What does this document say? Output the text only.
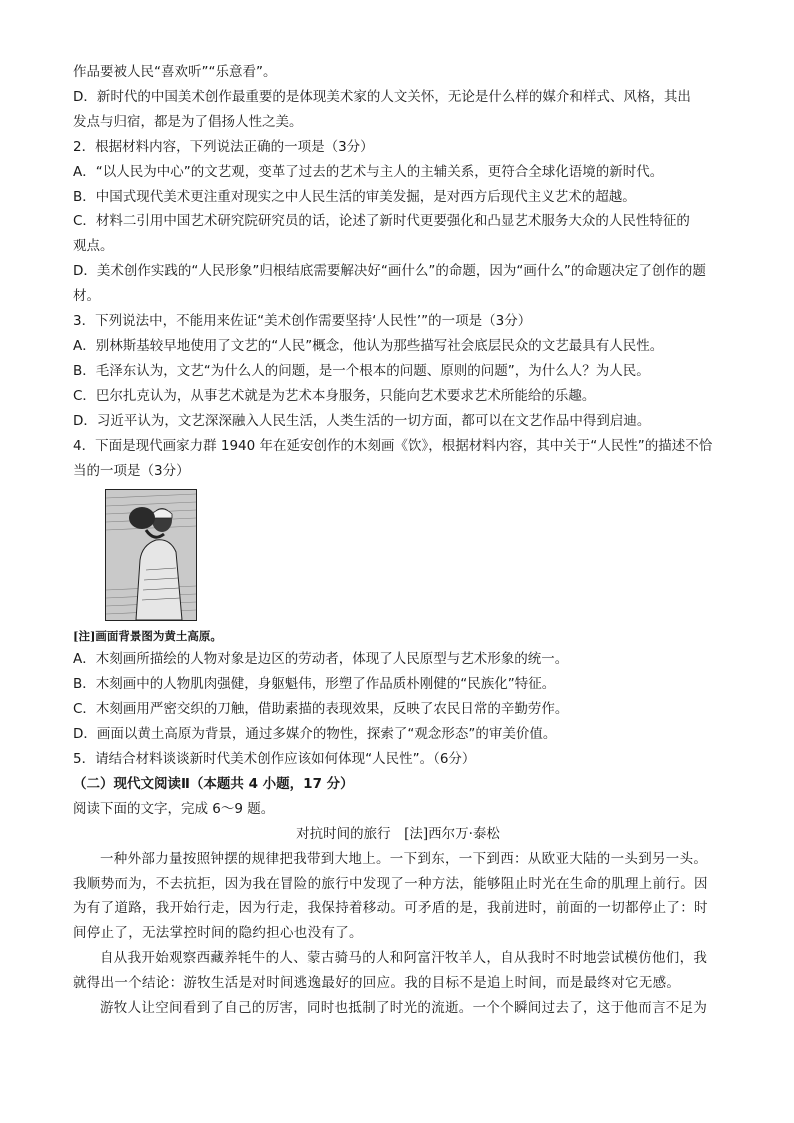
作品要被人民“喜欢听”“乐意看”。
D．新时代的中国美术创作最重要的是体现美术家的人文关怀，无论是什么样的媒介和样式、风格，其出
发点与归宿，都是为了倡扬人性之美。
2．根据材料内容，下列说法正确的一项是（3分）
A．“以人民为中心”的文艺观，变革了过去的艺术与主人的主辅关系，更符合全球化语境的新时代。
B．中国式现代美术更注重对现实之中人民生活的审美发掘，是对西方后现代主义艺术的超越。
C．材料二引用中国艺术研究院研究员的话，论述了新时代更要强化和凸显艺术服务大众的人民性特征的
观点。
D．美术创作实践的“人民形象”归根结底需要解决好“画什么”的命题，因为“画什么”的命题决定了创作的题
材。
3．下列说法中，不能用来佐证“美术创作需要坚持‘人民性’”的一项是（3分）
A．别林斯基较早地使用了文艺的“人民”概念，他认为那些描写社会底层民众的文艺最具有人民性。
B．毛泽东认为，文艺“为什么人的问题，是一个根本的问题、原则的问题”，为什么人？为人民。
C．巴尔扎克认为，从事艺术就是为艺术本身服务，只能向艺术要求艺术所能给的乐趣。
D．习近平认为，文艺深深融入人民生活，人类生活的一切方面，都可以在文艺作品中得到启迪。
4．下面是现代画家力群 1940 年在延安创作的木刻画《饮》，根据材料内容，其中关于“人民性”的描述不恰
当的一项是（3分）
[注]画面背景图为黄土高原。
A．木刻画所描绘的人物对象是边区的劳动者，体现了人民原型与艺术形象的统一。
B．木刻画中的人物肌肉强健，身躯魁伟，形塑了作品质朴刚健的“民族化”特征。
C．木刻画用严密交织的刀触，借助素描的表现效果，反映了农民日常的辛勤劳作。
D．画面以黄土高原为背景，通过多媒介的物性，探索了“观念形态”的审美价值。
5．请结合材料谈谈新时代美术创作应该如何体现“人民性”。（6分）
（二）现代文阅读Ⅱ（本题共 4 小题，17 分）
阅读下面的文字，完成 6～9 题。
对抗时间的旅行　[法]西尔万·泰松
一种外部力量按照钟摆的规律把我带到大地上。一下到东，一下到西：从欧亚大陆的一头到另一头。
我顺势而为，不去抗拒，因为我在冒险的旅行中发现了一种方法，能够阻止时光在生命的肌理上前行。因
为有了道路，我开始行走，因为行走，我保持着移动。可矛盾的是，我前进时，前面的一切都停止了：时
间停止了，无法掌控时间的隐约担心也没有了。
自从我开始观察西藏养牦牛的人、蒙古骑马的人和阿富汗牧羊人，自从我时不时地尝试模仿他们，我
就得出一个结论：游牧生活是对时间逃逸最好的回应。我的目标不是追上时间，而是最终对它无感。
游牧人让空间看到了自己的厉害，同时也抵制了时光的流逝。一个个瞬间过去了，这于他而言不足为
